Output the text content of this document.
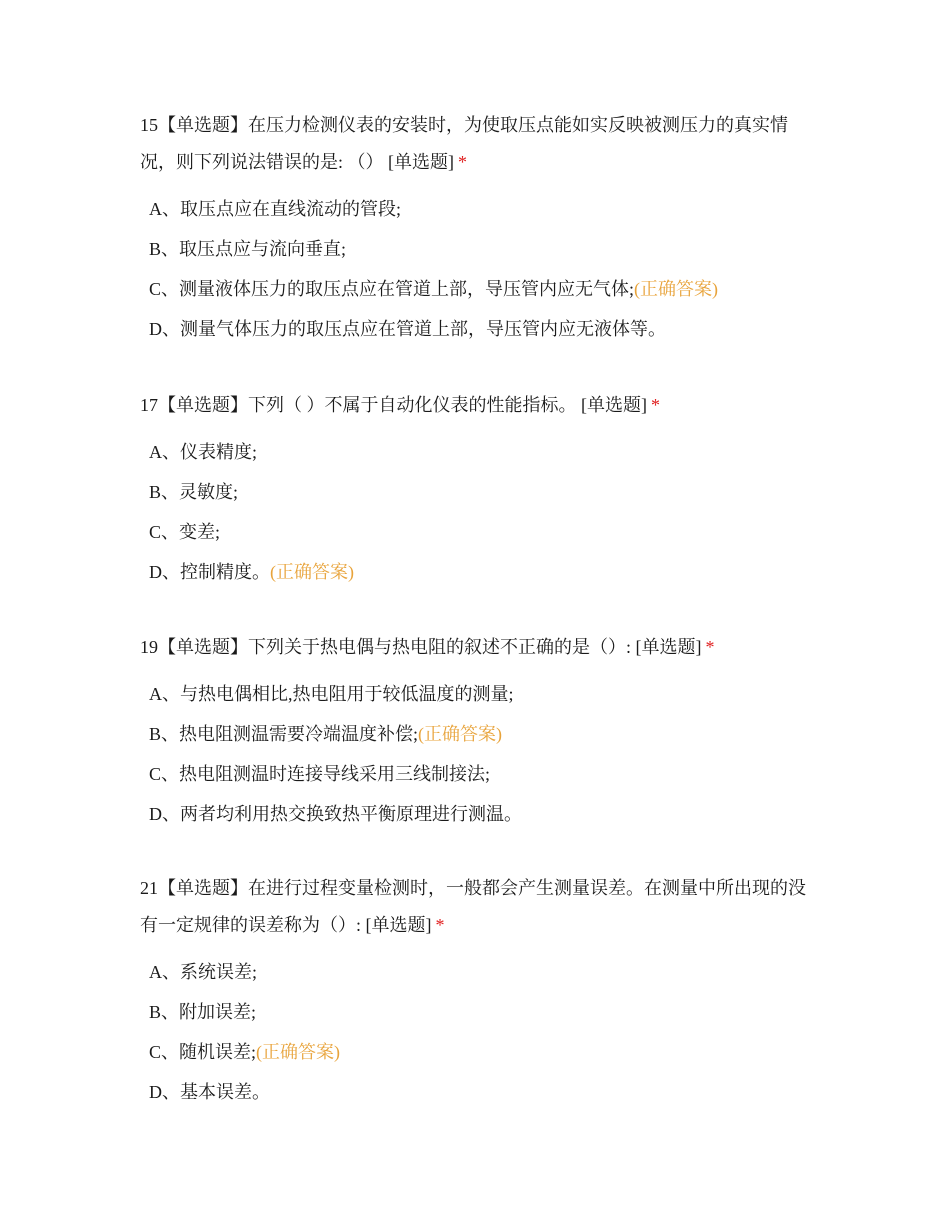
15【单选题】在压力检测仪表的安装时，为使取压点能如实反映被测压力的真实情况，则下列说法错误的是: （） [单选题] *

A、取压点应在直线流动的管段;
B、取压点应与流向垂直;
C、测量液体压力的取压点应在管道上部，导压管内应无气体;(正确答案)
D、测量气体压力的取压点应在管道上部，导压管内应无液体等。

17【单选题】下列（ ）不属于自动化仪表的性能指标。 [单选题] *

A、仪表精度;
B、灵敏度;
C、变差;
D、控制精度。(正确答案)

19【单选题】下列关于热电偶与热电阻的叙述不正确的是（）: [单选题] *

A、与热电偶相比,热电阻用于较低温度的测量;
B、热电阻测温需要冷端温度补偿;(正确答案)
C、热电阻测温时连接导线采用三线制接法;
D、两者均利用热交换致热平衡原理进行测温。

21【单选题】在进行过程变量检测时，一般都会产生测量误差。在测量中所出现的没有一定规律的误差称为（）: [单选题] *

A、系统误差;
B、附加误差;
C、随机误差;(正确答案)
D、基本误差。
